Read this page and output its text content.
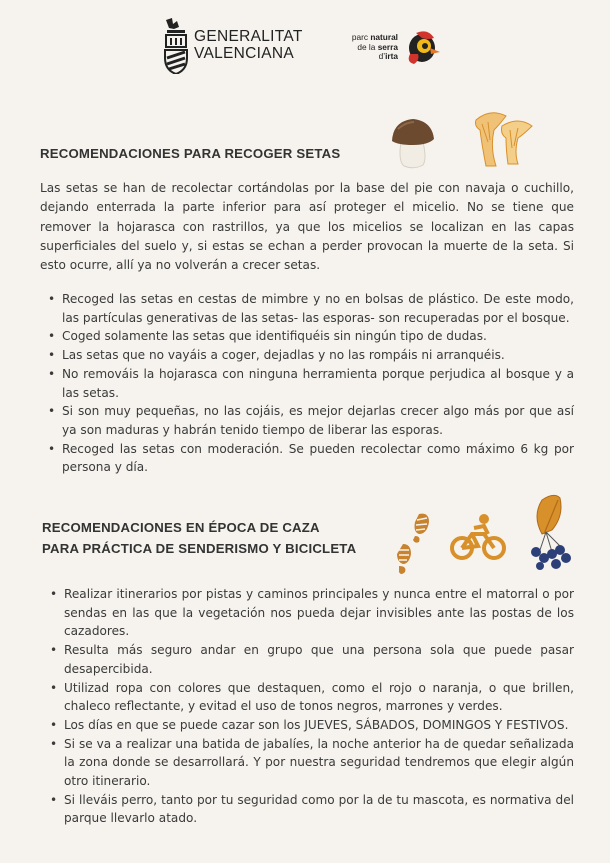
GENERALITAT
VALENCIANA
parc natural
de la serra
d’irta
RECOMENDACIONES PARA RECOGER SETAS
Las setas se han de recolectar cortándolas por la base del pie con navaja o cuchillo, dejando enterrada la parte inferior para así proteger el micelio. No se tiene que remover la hojarasca con rastrillos, ya que los micelios se localizan en las capas superficiales del suelo y, si estas se echan a perder provocan la muerte de la seta. Si esto ocurre, allí ya no volverán a crecer setas.
• Recoged las setas en cestas de mimbre y no en bolsas de plástico. De este modo, las partículas generativas de las setas- las esporas- son recuperadas por el bosque.
• Coged solamente las setas que identifiquéis sin ningún tipo de dudas.
• Las setas que no vayáis a coger, dejadlas y no las rompáis ni arranquéis.
• No remováis la hojarasca con ninguna herramienta porque perjudica al bosque y a las setas.
• Si son muy pequeñas, no las cojáis, es mejor dejarlas crecer algo más por que así ya son maduras y habrán tenido tiempo de liberar las esporas.
• Recoged las setas con moderación. Se pueden recolectar como máximo 6 kg por persona y día.
RECOMENDACIONES EN ÉPOCA DE CAZA
PARA PRÁCTICA DE SENDERISMO Y BICICLETA
• Realizar itinerarios por pistas y caminos principales y nunca entre el matorral o por sendas en las que la vegetación nos pueda dejar invisibles ante las postas de los cazadores.
• Resulta más seguro andar en grupo que una persona sola que puede pasar desapercibida.
• Utilizad ropa con colores que destaquen, como el rojo o naranja, o que brillen, chaleco reflectante, y evitad el uso de tonos negros, marrones y verdes.
• Los días en que se puede cazar son los JUEVES, SÁBADOS, DOMINGOS Y FESTIVOS.
• Si se va a realizar una batida de jabalíes, la noche anterior ha de quedar señalizada la zona donde se desarrollará. Y por nuestra seguridad tendremos que elegir algún otro itinerario.
• Si lleváis perro, tanto por tu seguridad como por la de tu mascota, es normativa del parque llevarlo atado.
